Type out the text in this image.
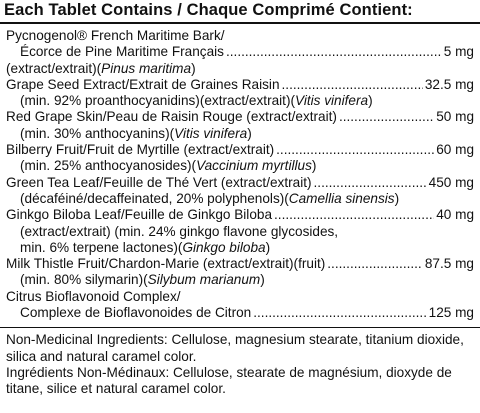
Each Tablet Contains / Chaque Comprimé Contient:
Pycnogenol® French Maritime Bark/
Écorce de Pine Maritime Français .....	5 mg
(extract/extrait)(Pinus maritima)
Grape Seed Extract/Extrait de Graines Raisin .....	32.5 mg
(min. 92% proanthocyanidins)(extract/extrait)(Vitis vinifera)
Red Grape Skin/Peau de Raisin Rouge (extract/extrait) .....	50 mg
(min. 30% anthocyanins)(Vitis vinifera)
Bilberry Fruit/Fruit de Myrtille (extract/extrait) .....	60 mg
(min. 25% anthocyanosides)(Vaccinium myrtillus)
Green Tea Leaf/Feuille de Thé Vert (extract/extrait) .....	450 mg
(décaféiné/decaffeinated, 20% polyphenols)(Camellia sinensis)
Ginkgo Biloba Leaf/Feuille de Ginkgo Biloba .....	40 mg
(extract/extrait) (min. 24% ginkgo flavone glycosides,
min. 6% terpene lactones)(Ginkgo biloba)
Milk Thistle Fruit/Chardon-Marie (extract/extrait)(fruit) .....	87.5 mg
(min. 80% silymarin)(Silybum marianum)
Citrus Bioflavonoid Complex/
Complexe de Bioflavonoides de Citron .....	125 mg

Non-Medicinal Ingredients: Cellulose, magnesium stearate, titanium dioxide, silica and natural caramel color.

Ingrédients Non-Médinaux: Cellulose, stearate de magnésium, dioxyde de titane, silice et natural caramel color.
